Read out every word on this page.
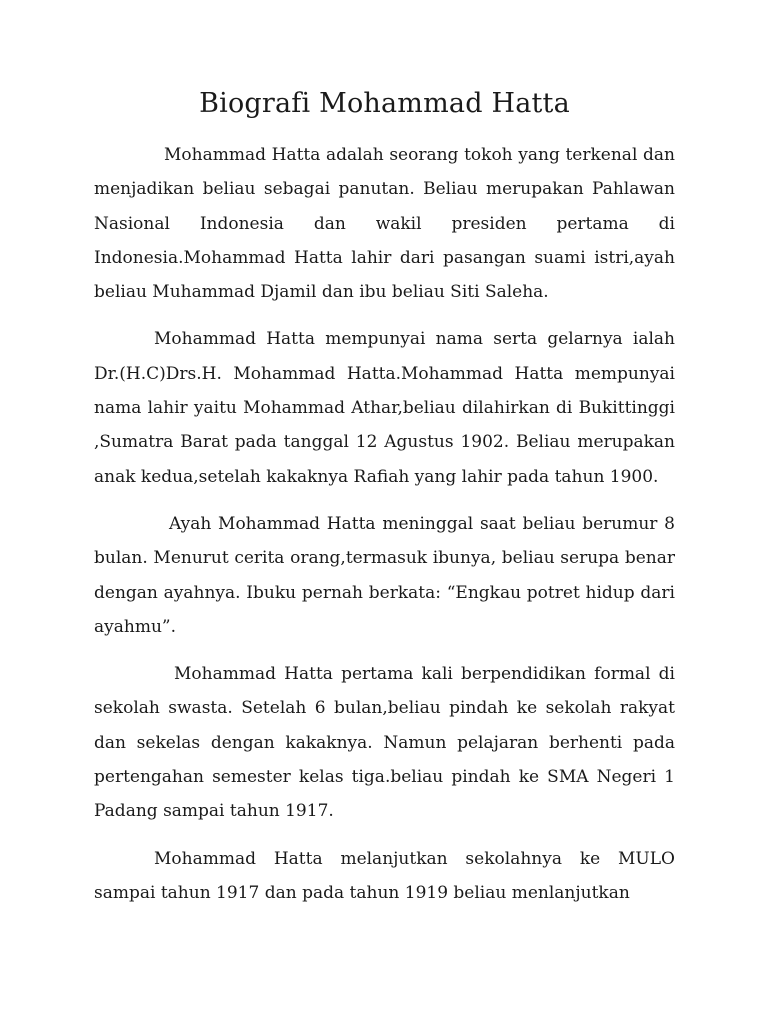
Biografi Mohammad Hatta

Mohammad Hatta adalah seorang tokoh yang terkenal dan menjadikan beliau sebagai panutan. Beliau merupakan Pahlawan Nasional Indonesia dan wakil presiden pertama di Indonesia.Mohammad Hatta lahir dari pasangan suami istri,ayah beliau Muhammad Djamil dan ibu beliau Siti Saleha.

Mohammad Hatta mempunyai nama serta gelarnya ialah Dr.(H.C)Drs.H. Mohammad Hatta.Mohammad Hatta mempunyai nama lahir yaitu Mohammad Athar,beliau dilahirkan di Bukittinggi ,Sumatra Barat pada tanggal 12 Agustus 1902. Beliau merupakan anak kedua,setelah kakaknya Rafiah yang lahir pada tahun 1900.

Ayah Mohammad Hatta meninggal saat beliau berumur 8 bulan. Menurut cerita orang,termasuk ibunya, beliau serupa benar dengan ayahnya. Ibuku pernah berkata: “Engkau potret hidup dari ayahmu”.

Mohammad Hatta pertama kali berpendidikan formal di sekolah swasta. Setelah 6 bulan,beliau pindah ke sekolah rakyat dan sekelas dengan kakaknya. Namun pelajaran berhenti pada pertengahan semester kelas tiga.beliau pindah ke SMA Negeri 1 Padang sampai tahun 1917.

Mohammad Hatta melanjutkan sekolahnya ke MULO sampai tahun 1917 dan pada tahun 1919 beliau menlanjutkan
